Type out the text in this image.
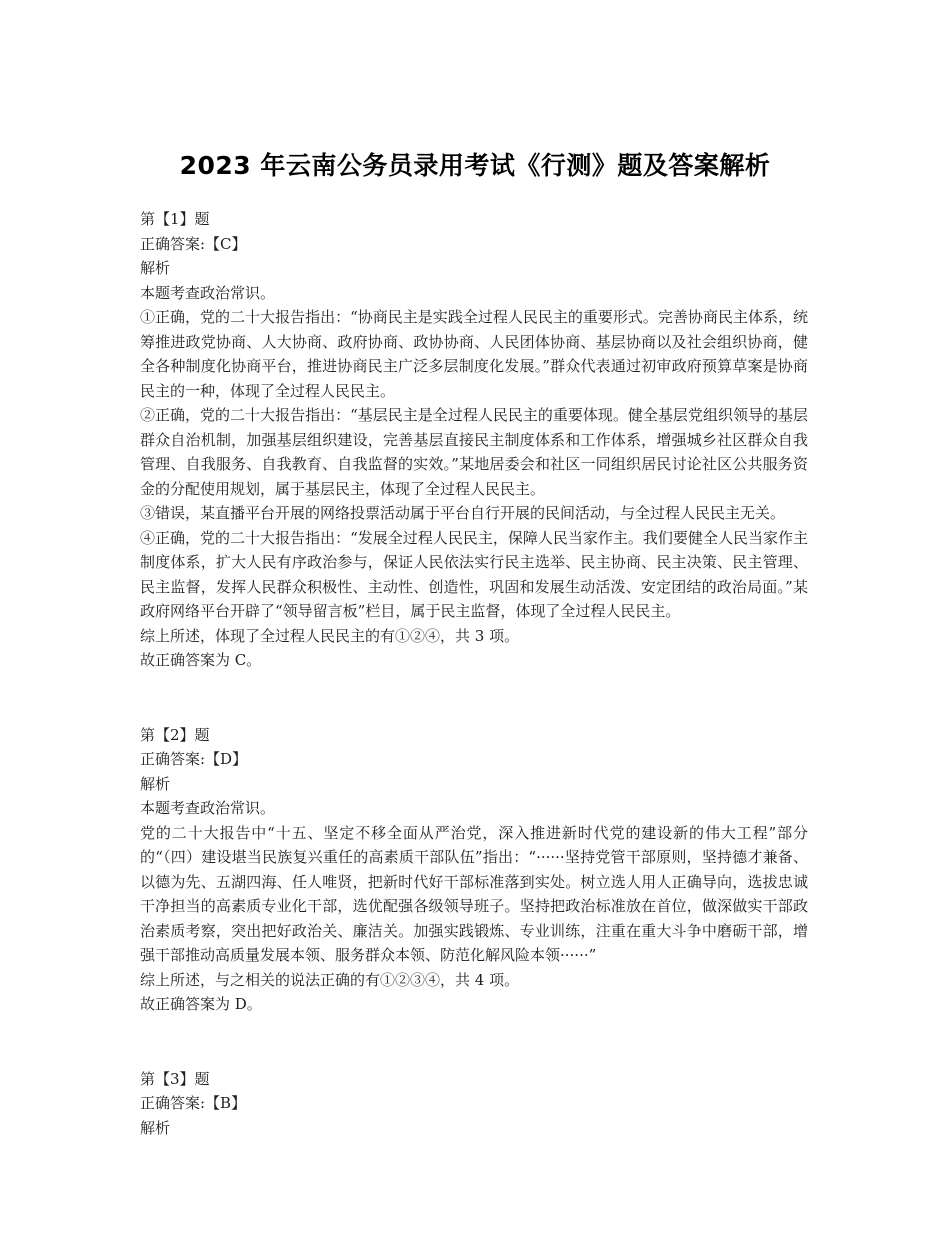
2023 年云南公务员录用考试《行测》题及答案解析

第【1】题

正确答案:【C】

解析

本题考查政治常识。

①正确，党的二十大报告指出：“协商民主是实践全过程人民民主的重要形式。完善协商民主体系，统筹推进政党协商、人大协商、政府协商、政协协商、人民团体协商、基层协商以及社会组织协商，健全各种制度化协商平台，推进协商民主广泛多层制度化发展。”群众代表通过初审政府预算草案是协商民主的一种，体现了全过程人民民主。

②正确，党的二十大报告指出：“基层民主是全过程人民民主的重要体现。健全基层党组织领导的基层群众自治机制，加强基层组织建设，完善基层直接民主制度体系和工作体系，增强城乡社区群众自我管理、自我服务、自我教育、自我监督的实效。”某地居委会和社区一同组织居民讨论社区公共服务资金的分配使用规划，属于基层民主，体现了全过程人民民主。

③错误，某直播平台开展的网络投票活动属于平台自行开展的民间活动，与全过程人民民主无关。

④正确，党的二十大报告指出：“发展全过程人民民主，保障人民当家作主。我们要健全人民当家作主制度体系，扩大人民有序政治参与，保证人民依法实行民主选举、民主协商、民主决策、民主管理、民主监督，发挥人民群众积极性、主动性、创造性，巩固和发展生动活泼、安定团结的政治局面。”某政府网络平台开辟了“领导留言板”栏目，属于民主监督，体现了全过程人民民主。

综上所述，体现了全过程人民民主的有①②④，共 3 项。

故正确答案为 C。

第【2】题

正确答案:【D】

解析

本题考查政治常识。

党的二十大报告中“十五、坚定不移全面从严治党，深入推进新时代党的建设新的伟大工程”部分的“（四）建设堪当民族复兴重任的高素质干部队伍”指出：“······坚持党管干部原则，坚持德才兼备、以德为先、五湖四海、任人唯贤，把新时代好干部标准落到实处。树立选人用人正确导向，选拔忠诚干净担当的高素质专业化干部，选优配强各级领导班子。坚持把政治标准放在首位，做深做实干部政治素质考察，突出把好政治关、廉洁关。加强实践锻炼、专业训练，注重在重大斗争中磨砺干部，增强干部推动高质量发展本领、服务群众本领、防范化解风险本领······”

综上所述，与之相关的说法正确的有①②③④，共 4 项。

故正确答案为 D。

第【3】题

正确答案:【B】

解析
